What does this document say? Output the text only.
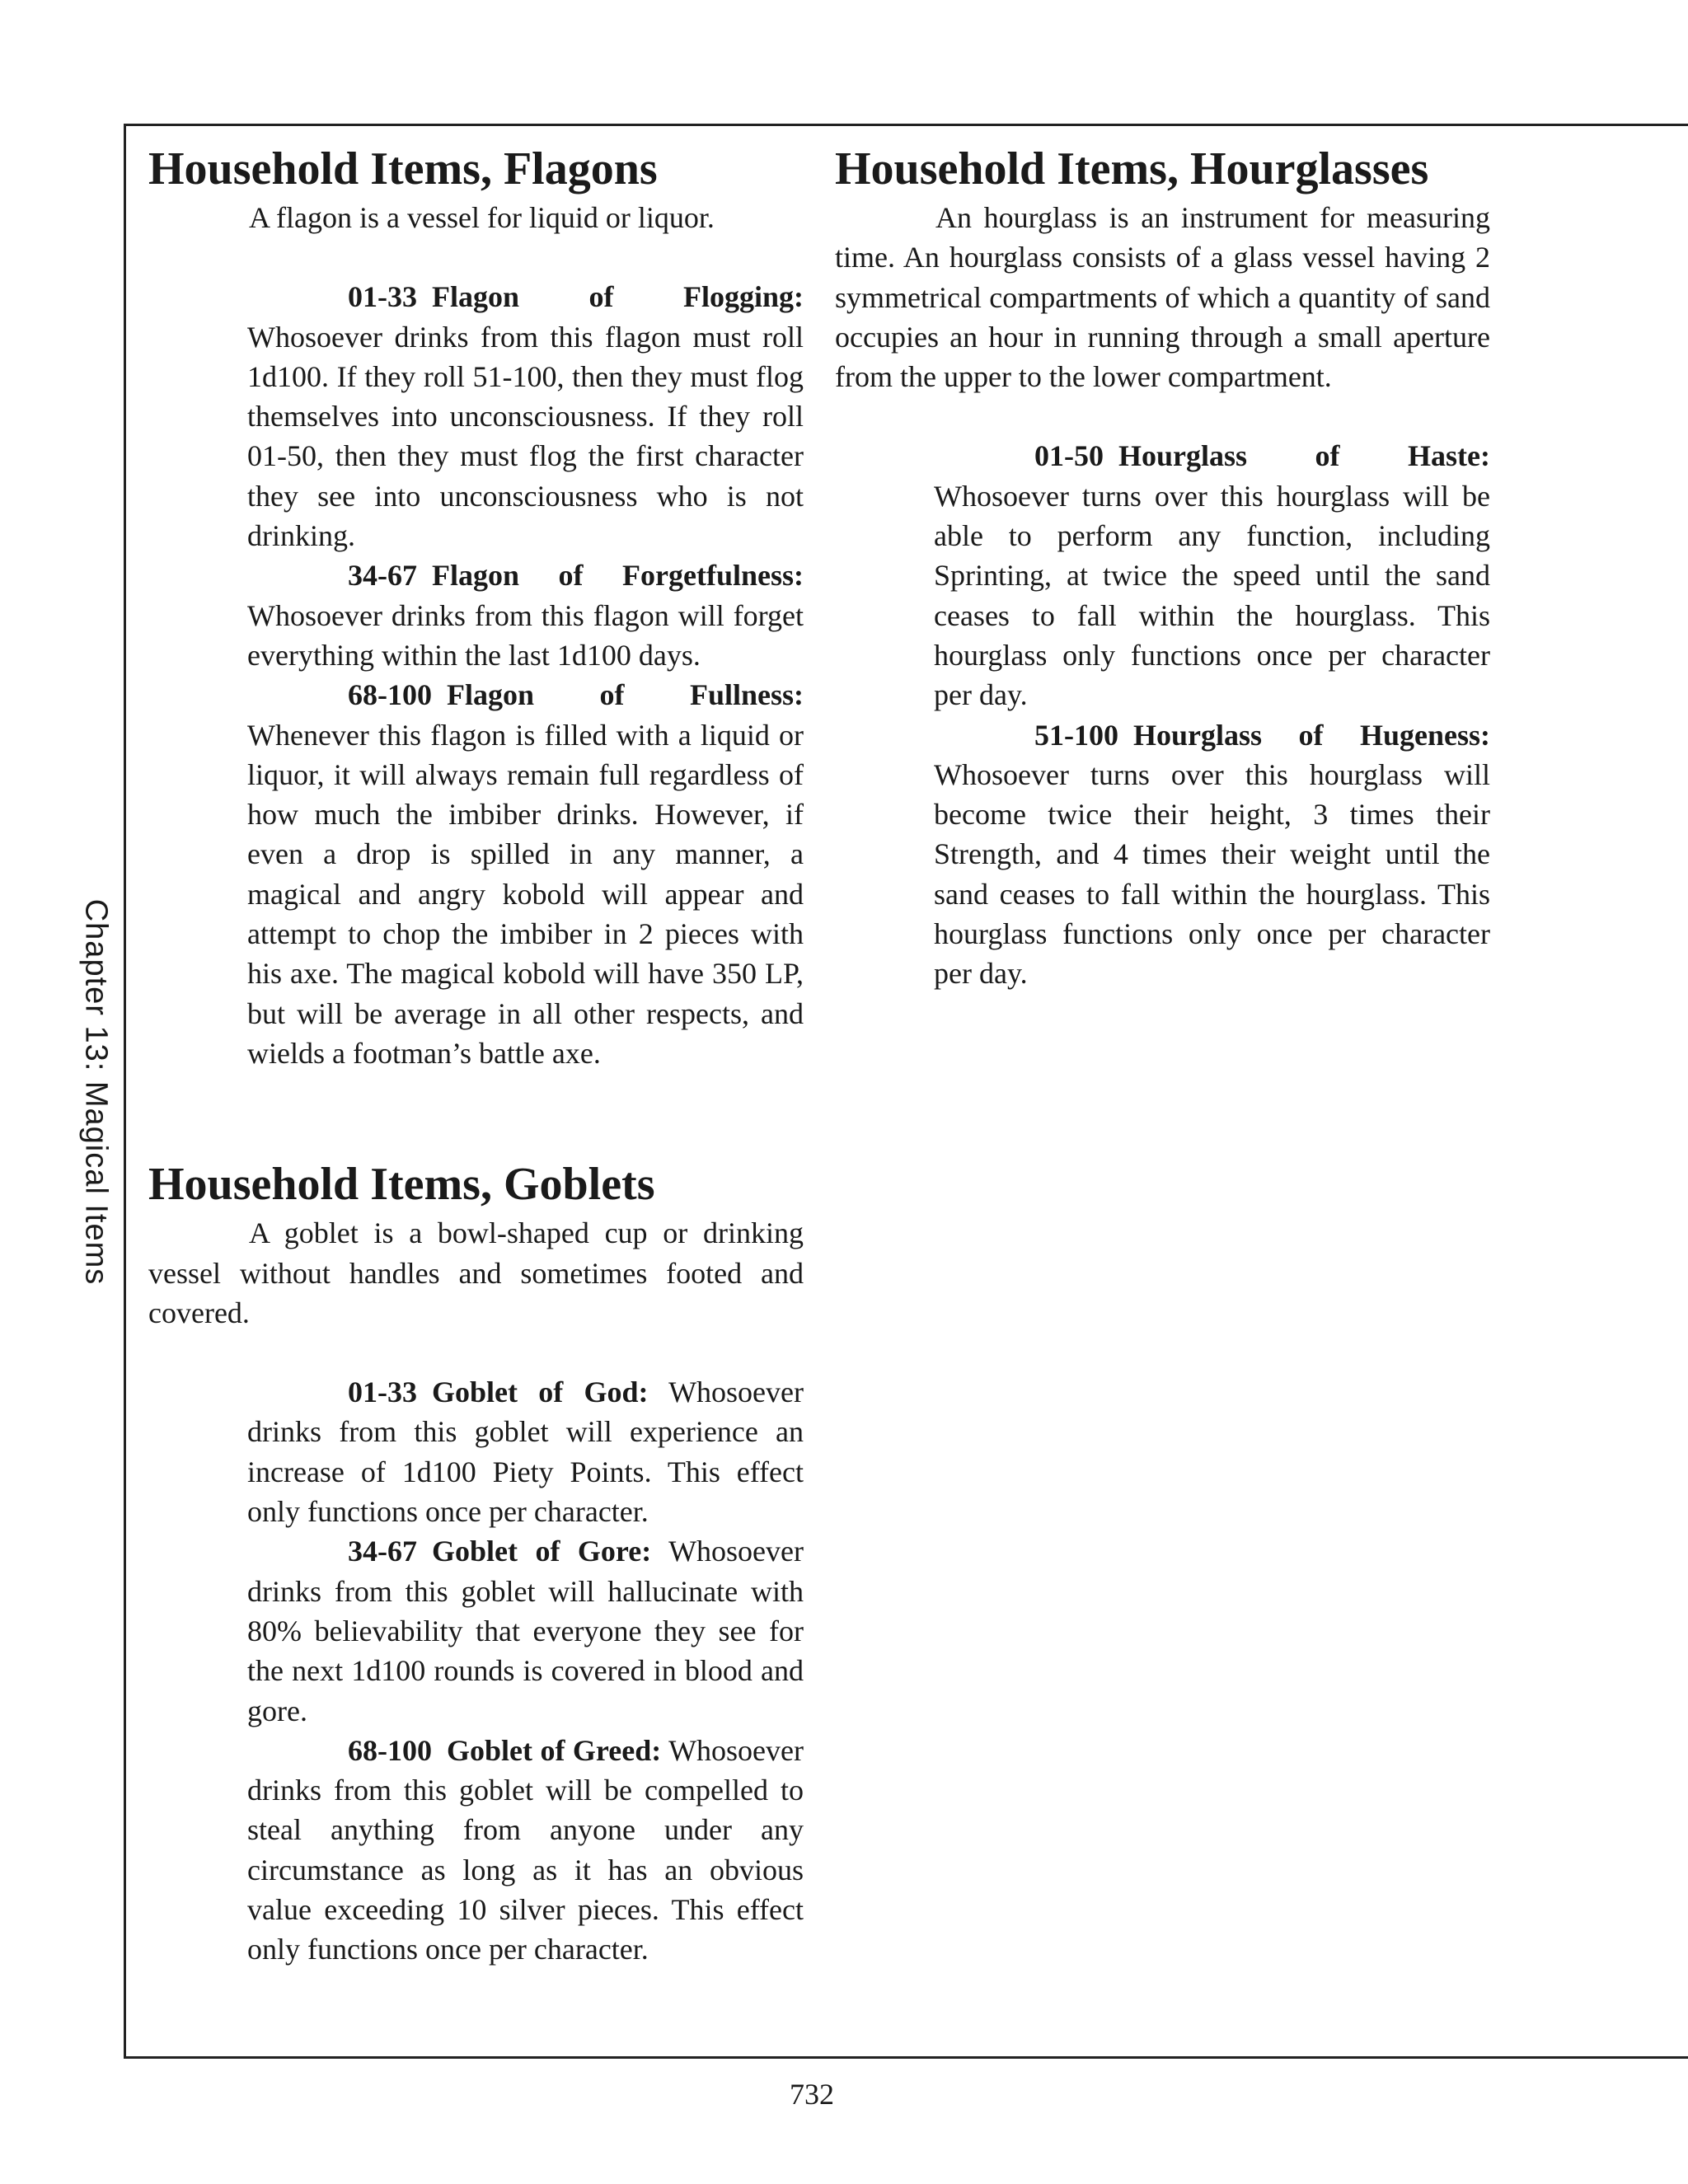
Chapter 13: Magical Items
Household Items, Flagons

A flagon is a vessel for liquid or liquor.

01-33 Flagon of Flogging: Whosoever drinks from this flagon must roll 1d100. If they roll 51-100, then they must flog themselves into unconsciousness. If they roll 01-50, then they must flog the first character they see into unconsciousness who is not drinking.

34-67 Flagon of Forgetfulness: Whosoever drinks from this flagon will forget everything within the last 1d100 days.

68-100 Flagon of Fullness: Whenever this flagon is filled with a liquid or liquor, it will always remain full regardless of how much the imbiber drinks. However, if even a drop is spilled in any manner, a magical and angry kobold will appear and attempt to chop the imbiber in 2 pieces with his axe. The magical kobold will have 350 LP, but will be average in all other respects, and wields a footman’s battle axe.

Household Items, Goblets

A goblet is a bowl-shaped cup or drinking vessel without handles and sometimes footed and covered.

01-33 Goblet of God: Whosoever drinks from this goblet will experience an increase of 1d100 Piety Points. This effect only functions once per character.

34-67 Goblet of Gore: Whosoever drinks from this goblet will hallucinate with 80% believability that everyone they see for the next 1d100 rounds is covered in blood and gore.

68-100 Goblet of Greed: Whosoever drinks from this goblet will be compelled to steal anything from anyone under any circumstance as long as it has an obvious value exceeding 10 silver pieces. This effect only functions once per character.

Household Items, Hourglasses

An hourglass is an instrument for measuring time. An hourglass consists of a glass vessel having 2 symmetrical compartments of which a quantity of sand occupies an hour in running through a small aperture from the upper to the lower compartment.

01-50 Hourglass of Haste: Whosoever turns over this hourglass will be able to perform any function, including Sprinting, at twice the speed until the sand ceases to fall within the hourglass. This hourglass only functions once per character per day.

51-100 Hourglass of Hugeness: Whosoever turns over this hourglass will become twice their height, 3 times their Strength, and 4 times their weight until the sand ceases to fall within the hourglass. This hourglass functions only once per character per day.

732
